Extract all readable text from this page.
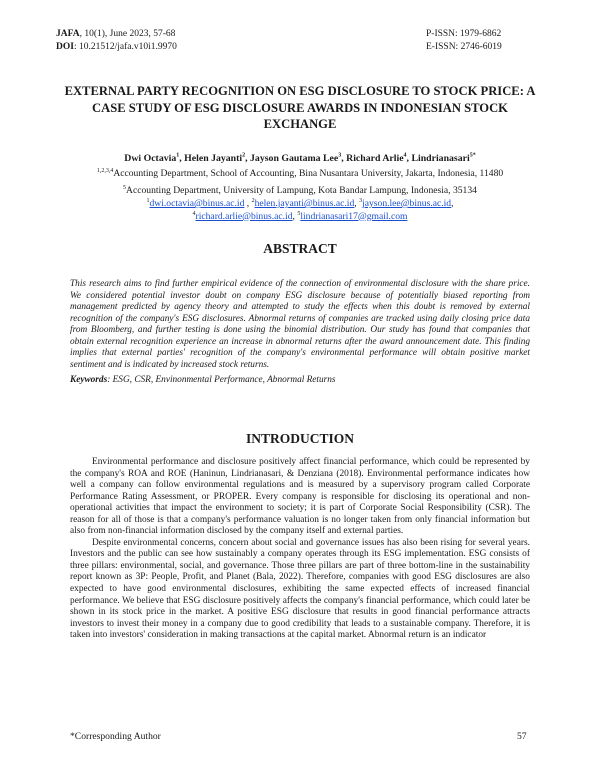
JAFA, 10(1), June 2023, 57-68
DOI: 10.21512/jafa.v10i1.9970
P-ISSN: 1979-6862
E-ISSN: 2746-6019
EXTERNAL PARTY RECOGNITION ON ESG DISCLOSURE TO STOCK PRICE: A CASE STUDY OF ESG DISCLOSURE AWARDS IN INDONESIAN STOCK EXCHANGE
Dwi Octavia$^1$, Helen Jayanti$^2$, Jayson Gautama Lee$^3$, Richard Arlie$^4$, Lindrianasari$^{5*}$
$^{1,2,3,4}$Accounting Department, School of Accounting, Bina Nusantara University, Jakarta, Indonesia, 11480
$^5$Accounting Department, University of Lampung, Kota Bandar Lampung, Indonesia, 35134
$^1$dwi.octavia@binus.ac.id , $^2$helen.jayanti@binus.ac.id, $^3$jayson.lee@binus.ac.id,
$^4$richard.arlie@binus.ac.id, $^5$lindrianasari17@gmail.com
ABSTRACT

This research aims to find further empirical evidence of the connection of environmental disclosure with the share price. We considered potential investor doubt on company ESG disclosure because of potentially biased reporting from management predicted by agency theory and attempted to study the effects when this doubt is removed by external recognition of the company's ESG disclosures. Abnormal returns of companies are tracked using daily closing price data from Bloomberg, and further testing is done using the binomial distribution. Our study has found that companies that obtain external recognition experience an increase in abnormal returns after the award announcement date. This finding implies that external parties' recognition of the company's environmental performance will obtain positive market sentiment and is indicated by increased stock returns.

Keywords: ESG, CSR, Envinonmental Performance, Abnormal Returns
INTRODUCTION

Environmental performance and disclosure positively affect financial performance, which could be represented by the company's ROA and ROE (Haninun, Lindrianasari, & Denziana (2018). Environmental performance indicates how well a company can follow environmental regulations and is measured by a supervisory program called Corporate Performance Rating Assessment, or PROPER. Every company is responsible for disclosing its operational and non-operational activities that impact the environment to society; it is part of Corporate Social Responsibility (CSR). The reason for all of those is that a company's performance valuation is no longer taken from only financial information but also from non-financial information disclosed by the company itself and external parties.

Despite environmental concerns, concern about social and governance issues has also been rising for several years. Investors and the public can see how sustainably a company operates through its ESG implementation. ESG consists of three pillars: environmental, social, and governance. Those three pillars are part of three bottom-line in the sustainability report known as 3P: People, Profit, and Planet (Bala, 2022). Therefore, companies with good ESG disclosures are also expected to have good environmental disclosures, exhibiting the same expected effects of increased financial performance. We believe that ESG disclosure positively affects the company's financial performance, which could later be shown in its stock price in the market. A positive ESG disclosure that results in good financial performance attracts investors to invest their money in a company due to good credibility that leads to a sustainable company. Therefore, it is taken into investors' consideration in making transactions at the capital market. Abnormal return is an indicator

*Corresponding Author	57
